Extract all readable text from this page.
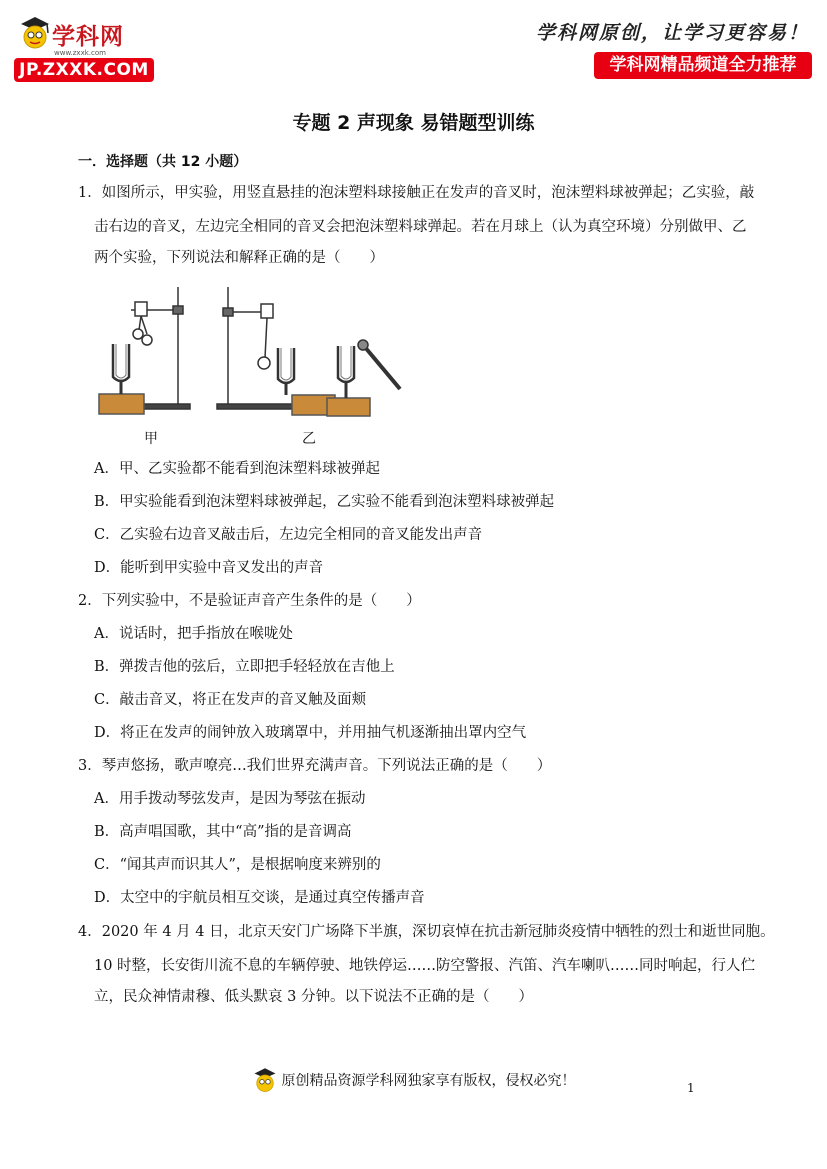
学科网
www.zxxk.com
JP.ZXXK.COM
学科网原创，让学习更容易！
学科网精品频道全力推荐
专题 2 声现象 易错题型训练
一．选择题（共 12 小题）
1．如图所示，甲实验，用竖直悬挂的泡沫塑料球接触正在发声的音叉时，泡沫塑料球被弹起；乙实验，敲
击右边的音叉，左边完全相同的音叉会把泡沫塑料球弹起。若在月球上（认为真空环境）分别做甲、乙
两个实验，下列说法和解释正确的是（　　）
甲	乙
A．甲、乙实验都不能看到泡沫塑料球被弹起
B．甲实验能看到泡沫塑料球被弹起，乙实验不能看到泡沫塑料球被弹起
C．乙实验右边音叉敲击后，左边完全相同的音叉能发出声音
D．能听到甲实验中音叉发出的声音
2．下列实验中，不是验证声音产生条件的是（　　）
A．说话时，把手指放在喉咙处
B．弹拨吉他的弦后，立即把手轻轻放在吉他上
C．敲击音叉，将正在发声的音叉触及面颊
D．将正在发声的闹钟放入玻璃罩中，并用抽气机逐渐抽出罩内空气
3．琴声悠扬，歌声嘹亮…我们世界充满声音。下列说法正确的是（　　）
A．用手拨动琴弦发声，是因为琴弦在振动
B．高声唱国歌，其中“高”指的是音调高
C．“闻其声而识其人”，是根据响度来辨别的
D．太空中的宇航员相互交谈，是通过真空传播声音
4．2020 年 4 月 4 日，北京天安门广场降下半旗，深切哀悼在抗击新冠肺炎疫情中牺牲的烈士和逝世同胞。
10 时整，长安街川流不息的车辆停驶、地铁停运……防空警报、汽笛、汽车喇叭……同时响起，行人伫
立，民众神情肃穆、低头默哀 3 分钟。以下说法不正确的是（　　）
原创精品资源学科网独家享有版权，侵权必究！	1
